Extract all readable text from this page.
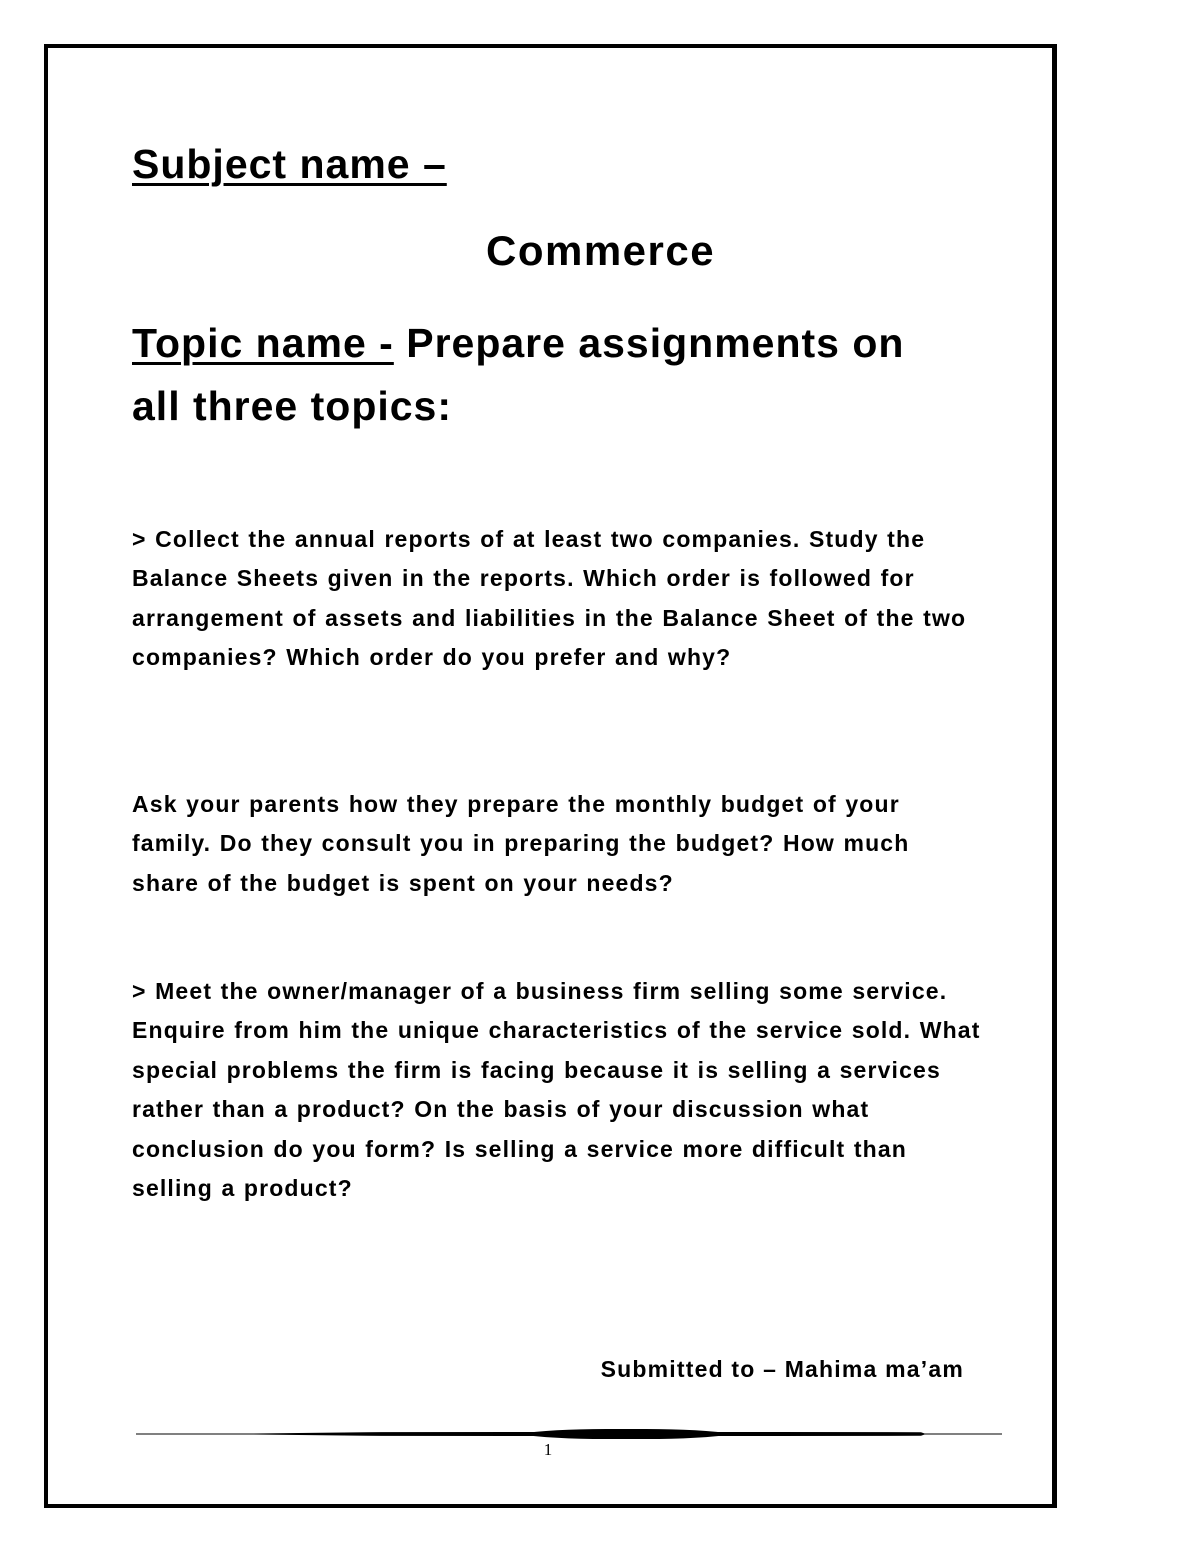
Subject name –
Commerce
Topic name - Prepare assignments on all three topics:
> Collect the annual reports of at least two companies. Study the Balance Sheets given in the reports. Which order is followed for arrangement of assets and liabilities in the Balance Sheet of the two companies? Which order do you prefer and why?
Ask your parents how they prepare the monthly budget of your family. Do they consult you in preparing the budget? How much share of the budget is spent on your needs?
> Meet the owner/manager of a business firm selling some service. Enquire from him the unique characteristics of the service sold. What special problems the firm is facing because it is selling a services rather than a product? On the basis of your discussion what conclusion do you form? Is selling a service more difficult than selling a product?
Submitted to – Mahima ma’am
1
